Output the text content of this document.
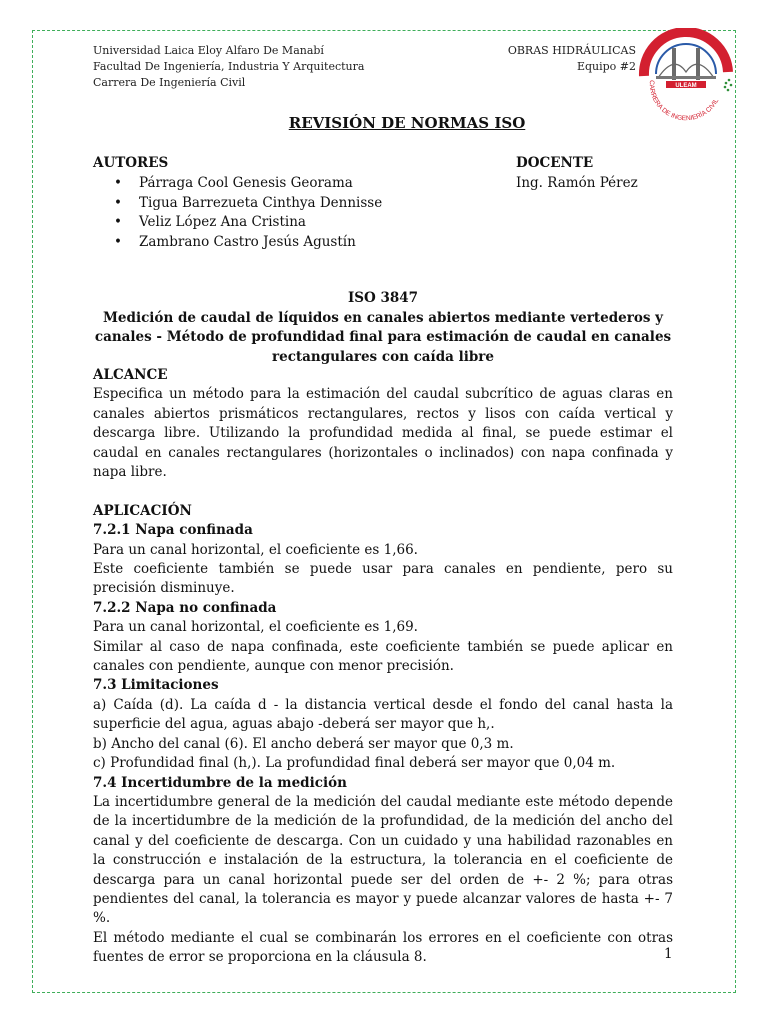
Universidad Laica Eloy Alfaro De Manabí
Facultad De Ingeniería, Industria Y Arquitectura
Carrera De Ingeniería Civil
OBRAS HIDRÁULICAS
Equipo #2
ULEAM
CARRERA DE INGENIERÍA CIVIL
REVISIÓN DE NORMAS ISO
AUTORES
• Párraga Cool Genesis Georama
• Tigua Barrezueta Cinthya Dennisse
• Veliz López Ana Cristina
• Zambrano Castro Jesús Agustín
DOCENTE
Ing. Ramón Pérez
ISO 3847
Medición de caudal de líquidos en canales abiertos mediante vertederos y canales - Método de profundidad final para estimación de caudal en canales rectangulares con caída libre

ALCANCE

Especifica un método para la estimación del caudal subcrítico de aguas claras en canales abiertos prismáticos rectangulares, rectos y lisos con caída vertical y descarga libre. Utilizando la profundidad medida al final, se puede estimar el caudal en canales rectangulares (horizontales o inclinados) con napa confinada y napa libre.

APLICACIÓN

7.2.1 Napa confinada

Para un canal horizontal, el coeficiente es 1,66.

Este coeficiente también se puede usar para canales en pendiente, pero su precisión disminuye.

7.2.2 Napa no confinada

Para un canal horizontal, el coeficiente es 1,69.

Similar al caso de napa confinada, este coeficiente también se puede aplicar en canales con pendiente, aunque con menor precisión.

7.3 Limitaciones

a) Caída (d). La caída d - la distancia vertical desde el fondo del canal hasta la superficie del agua, aguas abajo -deberá ser mayor que h,.

b) Ancho del canal (6). El ancho deberá ser mayor que 0,3 m.

c) Profundidad final (h,). La profundidad final deberá ser mayor que 0,04 m.

7.4 Incertidumbre de la medición

La incertidumbre general de la medición del caudal mediante este método depende de la incertidumbre de la medición de la profundidad, de la medición del ancho del canal y del coeficiente de descarga. Con un cuidado y una habilidad razonables en la construcción e instalación de la estructura, la tolerancia en el coeficiente de descarga para un canal horizontal puede ser del orden de +- 2 %; para otras pendientes del canal, la tolerancia es mayor y puede alcanzar valores de hasta +- 7 %.

El método mediante el cual se combinarán los errores en el coeficiente con otras fuentes de error se proporciona en la cláusula 8.	1
